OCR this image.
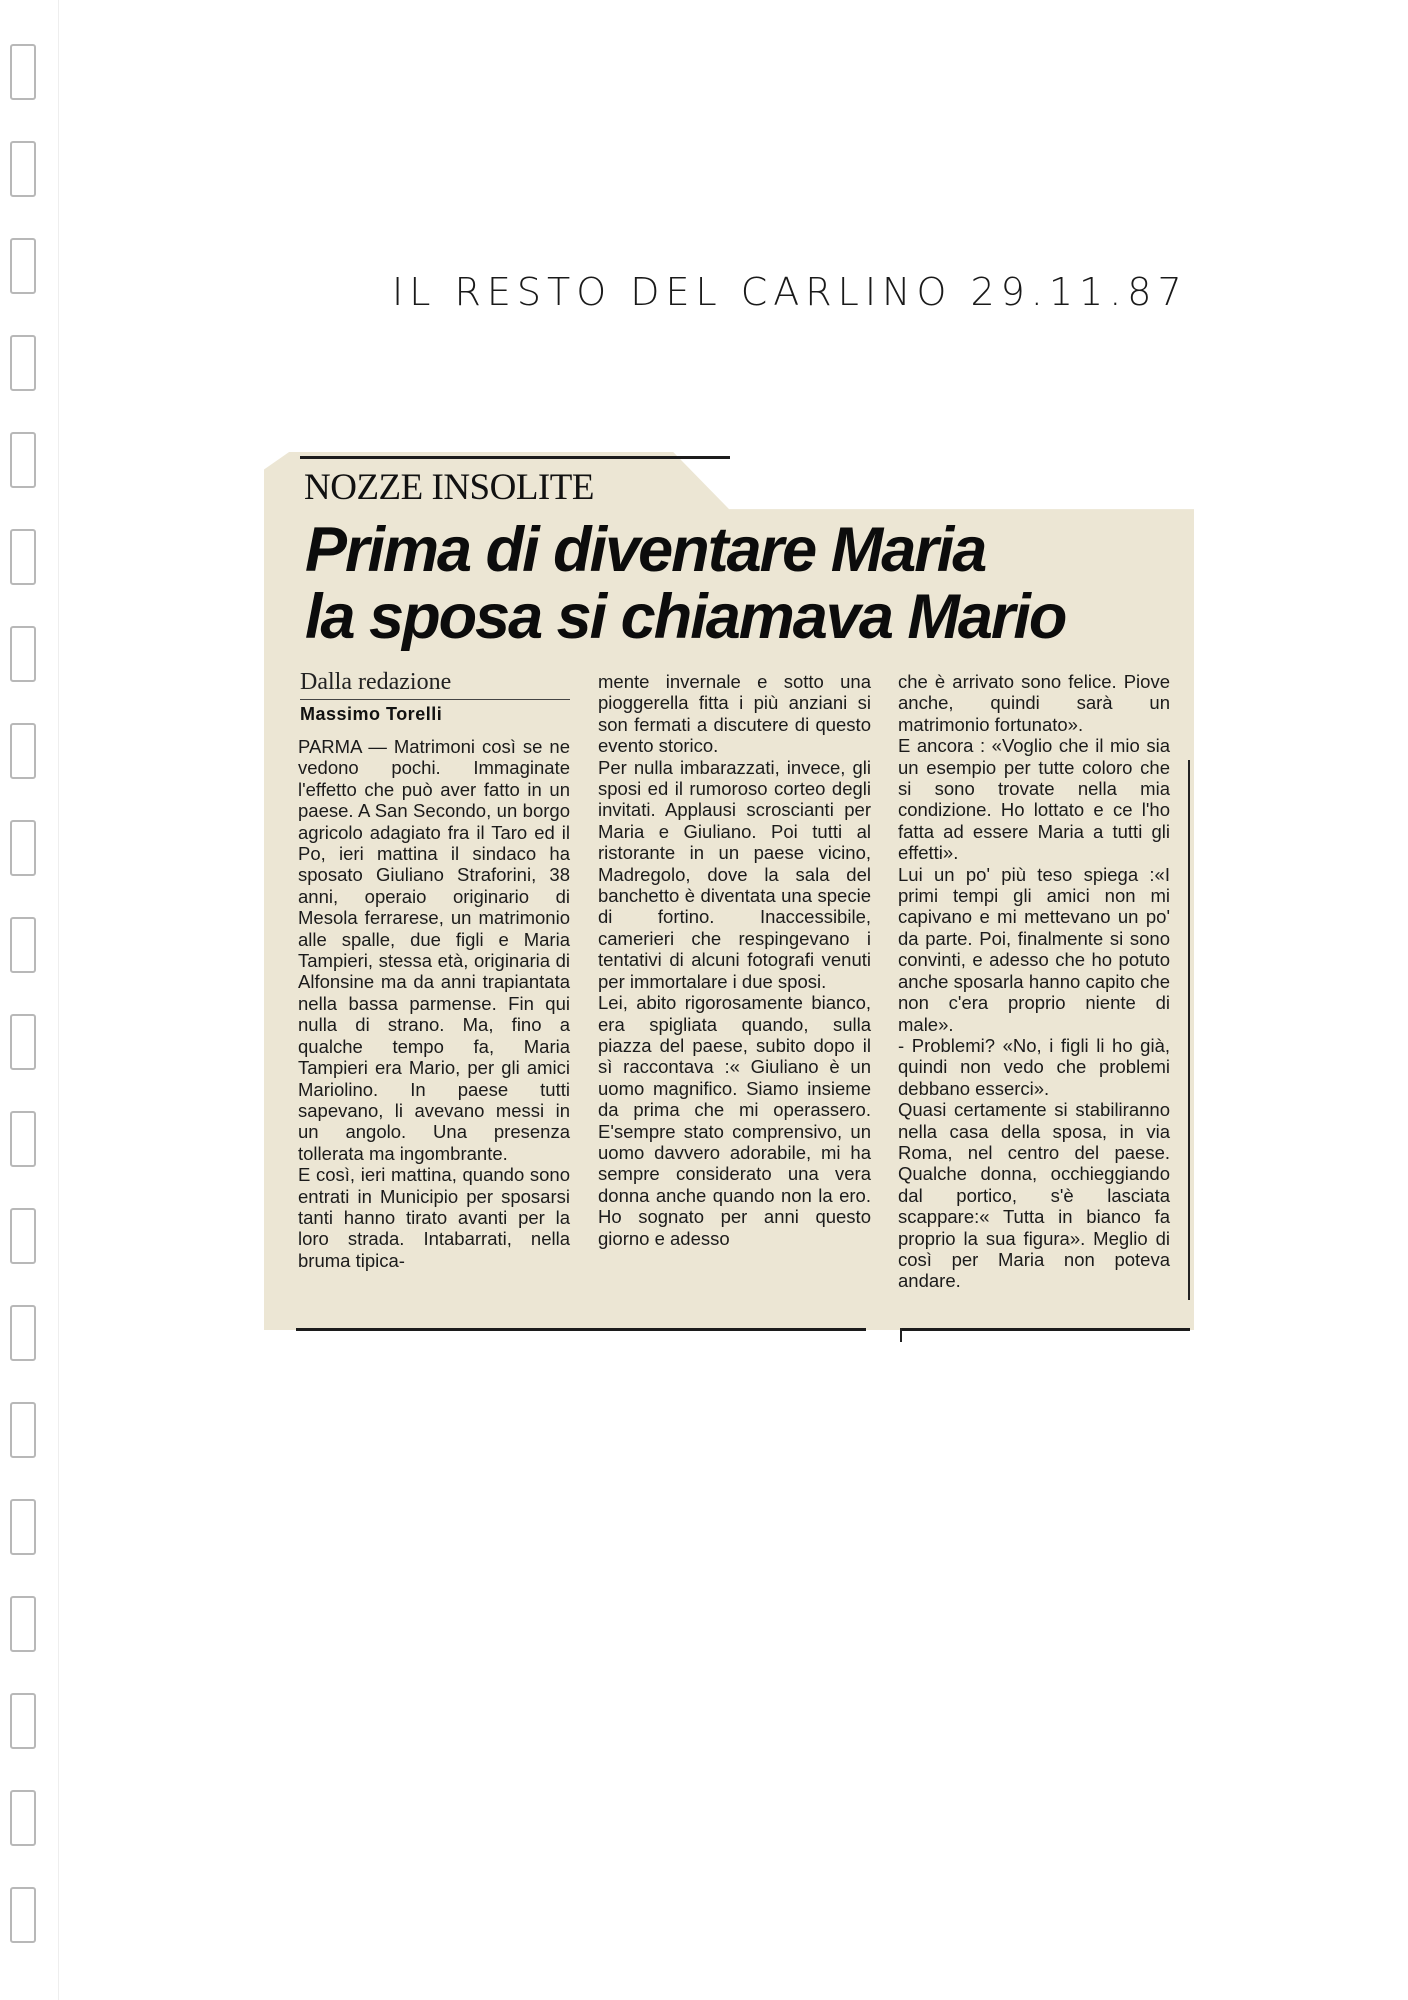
IL RESTO DEL CARLINO 29.11.87
NOZZE INSOLITE
Prima di diventare Maria
la sposa si chiamava Mario
Dalla redazione
Massimo Torelli

PARMA — Matrimoni così se ne vedono pochi. Immaginate l'effetto che può aver fatto in un paese. A San Secondo, un borgo agricolo adagiato fra il Taro ed il Po, ieri mattina il sindaco ha sposato Giuliano Straforini, 38 anni, operaio originario di Mesola ferrarese, un matrimonio alle spalle, due figli e Maria Tampieri, stessa età, originaria di Alfonsine ma da anni trapiantata nella bassa parmense. Fin qui nulla di strano. Ma, fino a qualche tempo fa, Maria Tampieri era Mario, per gli amici Mariolino. In paese tutti sapevano, li avevano messi in un angolo. Una presenza tollerata ma ingombrante.

E così, ieri mattina, quando sono entrati in Municipio per sposarsi tanti hanno tirato avanti per la loro strada. Intabarrati, nella bruma tipica-

mente invernale e sotto una pioggerella fitta i più anziani si son fermati a discutere di questo evento storico.

Per nulla imbarazzati, invece, gli sposi ed il rumoroso corteo degli invitati. Applausi scroscianti per Maria e Giuliano. Poi tutti al ristorante in un paese vicino, Madregolo, dove la sala del banchetto è diventata una specie di fortino. Inaccessibile, camerieri che respingevano i tentativi di alcuni fotografi venuti per immortalare i due sposi.

Lei, abito rigorosamente bianco, era spigliata quando, sulla piazza del paese, subito dopo il sì raccontava :« Giuliano è un uomo magnifico. Siamo insieme da prima che mi operassero. E'sempre stato comprensivo, un uomo davvero adorabile, mi ha sempre considerato una vera donna anche quando non la ero. Ho sognato per anni questo giorno e adesso

che è arrivato sono felice. Piove anche, quindi sarà un matrimonio fortunato».

E ancora : «Voglio che il mio sia un esempio per tutte coloro che si sono trovate nella mia condizione. Ho lottato e ce l'ho fatta ad essere Maria a tutti gli effetti».

Lui un po' più teso spiega :«I primi tempi gli amici non mi capivano e mi mettevano un po' da parte. Poi, finalmente si sono convinti, e adesso che ho potuto anche sposarla hanno capito che non c'era proprio niente di male».

- Problemi? «No, i figli li ho già, quindi non vedo che problemi debbano esserci».

Quasi certamente si stabiliranno nella casa della sposa, in via Roma, nel centro del paese. Qualche donna, occhieggiando dal portico, s'è lasciata scappare:« Tutta in bianco fa proprio la sua figura». Meglio di così per Maria non poteva andare.
